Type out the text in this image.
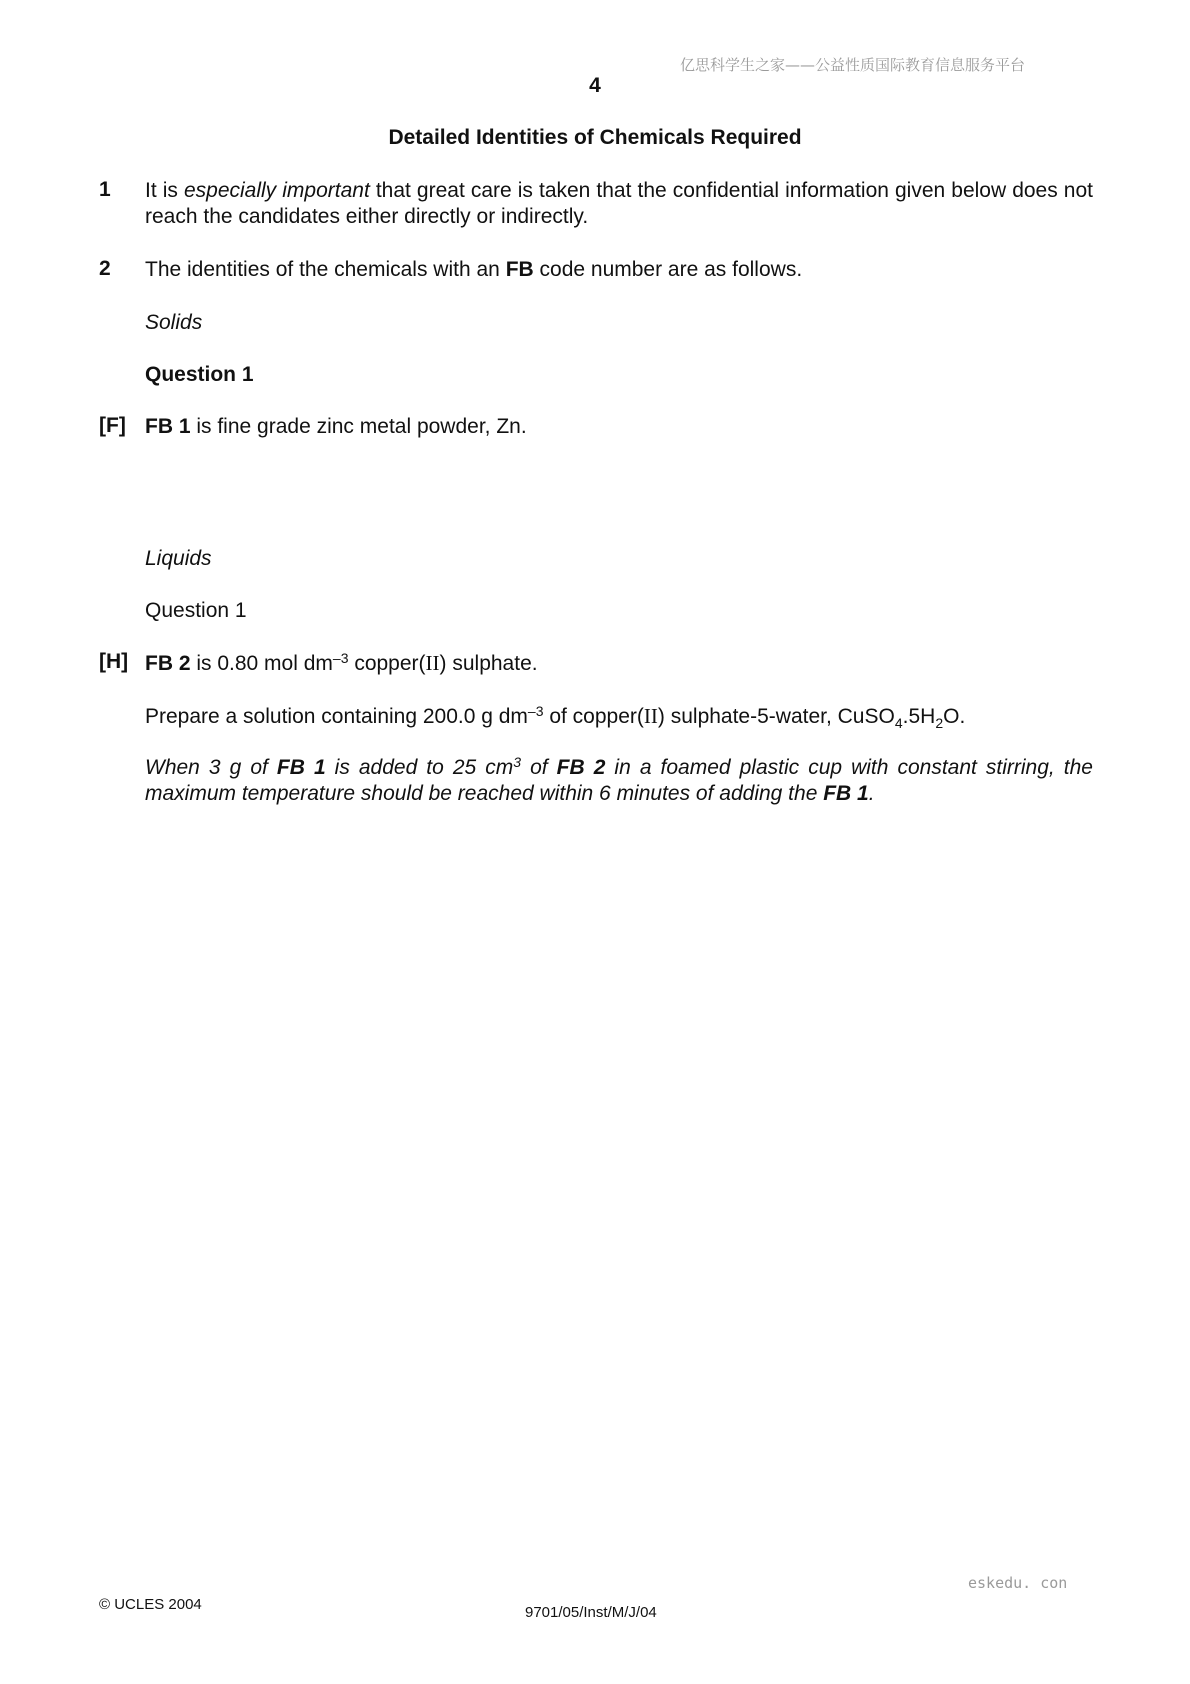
亿思科学生之家——公益性质国际教育信息服务平台
4
Detailed Identities of Chemicals Required
1 It is especially important that great care is taken that the confidential information given below does not reach the candidates either directly or indirectly.
2 The identities of the chemicals with an FB code number are as follows.
Solids
Question 1
[F] FB 1 is fine grade zinc metal powder, Zn.
Liquids
Question 1
[H] FB 2 is 0.80 mol $dm^{-3}$ copper(II) sulphate.
Prepare a solution containing 200.0 g $dm^{-3}$ of copper(II) sulphate-5-water, $CuSO_4.5H_2O$.
When 3 g of FB 1 is added to 25 $cm^3$ of FB 2 in a foamed plastic cup with constant stirring, the maximum temperature should be reached within 6 minutes of adding the FB 1.
eskedu. con
© UCLES 2004	9701/05/Inst/M/J/04
